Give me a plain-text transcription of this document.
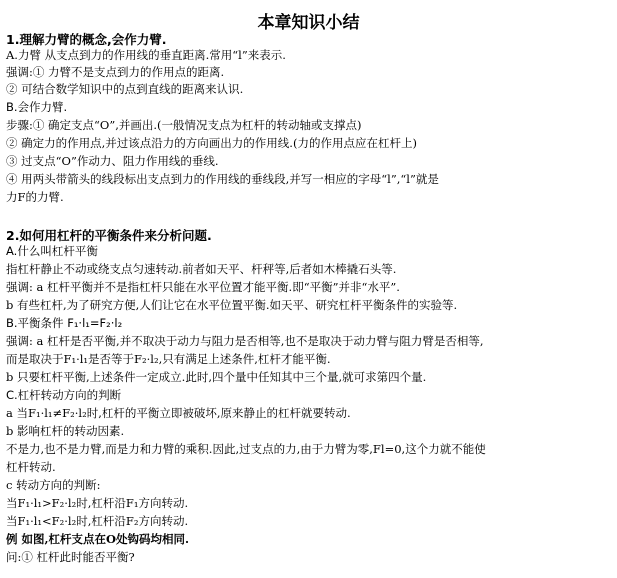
本章知识小结
1.理解力臂的概念,会作力臂.
A.力臂 从支点到力的作用线的垂直距离.常用“l”来表示.
强调:① 力臂不是支点到力的作用点的距离.
② 可结合数学知识中的点到直线的距离来认识.
B.会作力臂.
步骤:① 确定支点“O”,并画出.(一般情况支点为杠杆的转动轴或支撑点)
② 确定力的作用点,并过该点沿力的方向画出力的作用线.(力的作用点应在杠杆上)
③ 过支点“O”作动力、阻力作用线的垂线.
④ 用两头带箭头的线段标出支点到力的作用线的垂线段,并写一相应的字母“l”,“l”就是
力F的力臂.
2.如何用杠杆的平衡条件来分析问题.
A.什么叫杠杆平衡
指杠杆静止不动或绕支点匀速转动.前者如天平、杆秤等,后者如木棒撬石头等.
强调: a 杠杆平衡并不是指杠杆只能在水平位置才能平衡.即“平衡”并非“水平”.
b 有些杠杆,为了研究方便,人们让它在水平位置平衡.如天平、研究杠杆平衡条件的实验等.
B.平衡条件 F₁·l₁=F₂·l₂
强调: a 杠杆是否平衡,并不取决于动力与阻力是否相等,也不是取决于动力臂与阻力臂是否相等,
而是取决于F₁·l₁是否等于F₂·l₂,只有满足上述条件,杠杆才能平衡.
b 只要杠杆平衡,上述条件一定成立.此时,四个量中任知其中三个量,就可求第四个量.
C.杠杆转动方向的判断
a 当F₁·l₁≠F₂·l₂时,杠杆的平衡立即被破坏,原来静止的杠杆就要转动.
b 影响杠杆的转动因素.
不是力,也不是力臂,而是力和力臂的乘积.因此,过支点的力,由于力臂为零,Fl=0,这个力就不能使
杠杆转动.
c 转动方向的判断:
当F₁·l₁>F₂·l₂时,杠杆沿F₁方向转动.
当F₁·l₁<F₂·l₂时,杠杆沿F₂方向转动.
例 如图,杠杆支点在O处钩码均相同.
问:① 杠杆此时能否平衡?
